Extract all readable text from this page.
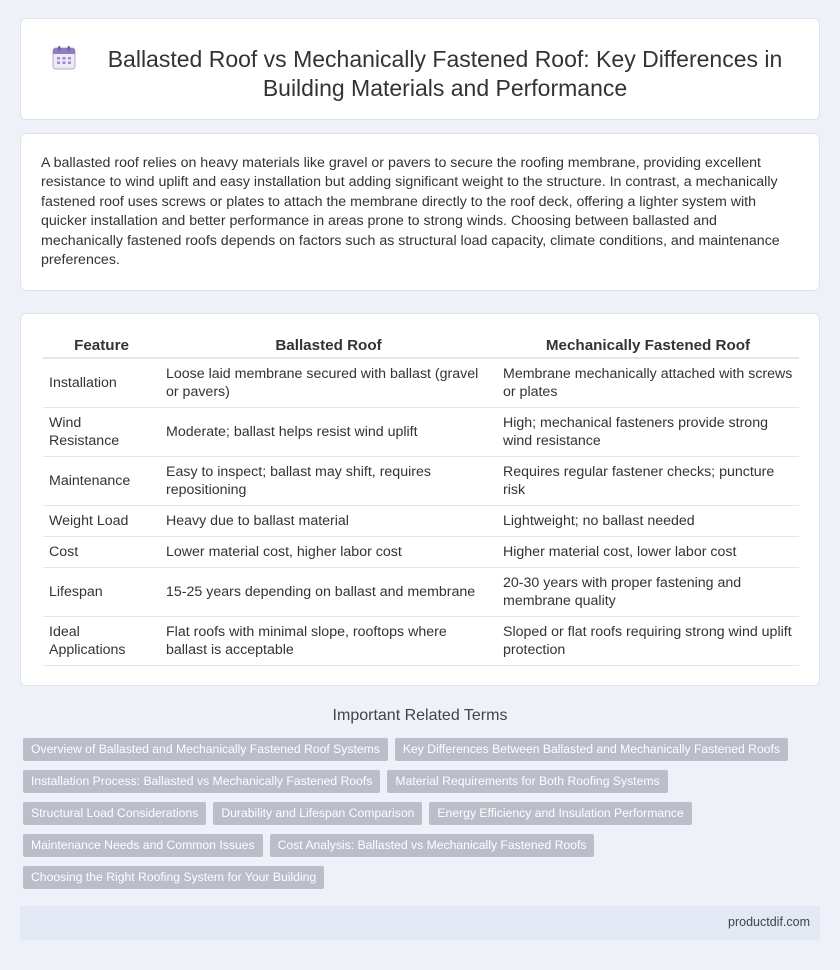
Ballasted Roof vs Mechanically Fastened Roof: Key Differences in Building Materials and Performance

A ballasted roof relies on heavy materials like gravel or pavers to secure the roofing membrane, providing excellent resistance to wind uplift and easy installation but adding significant weight to the structure. In contrast, a mechanically fastened roof uses screws or plates to attach the membrane directly to the roof deck, offering a lighter system with quicker installation and better performance in areas prone to strong winds. Choosing between ballasted and mechanically fastened roofs depends on factors such as structural load capacity, climate conditions, and maintenance preferences.

Feature	Ballasted Roof	Mechanically Fastened Roof
Installation	Loose laid membrane secured with ballast (gravel or pavers)	Membrane mechanically attached with screws or plates
Wind Resistance	Moderate; ballast helps resist wind uplift	High; mechanical fasteners provide strong wind resistance
Maintenance	Easy to inspect; ballast may shift, requires repositioning	Requires regular fastener checks; puncture risk
Weight Load	Heavy due to ballast material	Lightweight; no ballast needed
Cost	Lower material cost, higher labor cost	Higher material cost, lower labor cost
Lifespan	15-25 years depending on ballast and membrane	20-30 years with proper fastening and membrane quality
Ideal Applications	Flat roofs with minimal slope, rooftops where ballast is acceptable	Sloped or flat roofs requiring strong wind uplift protection
Important Related Terms
Overview of Ballasted and Mechanically Fastened Roof Systems	Key Differences Between Ballasted and Mechanically Fastened Roofs
Installation Process: Ballasted vs Mechanically Fastened Roofs	Material Requirements for Both Roofing Systems
Structural Load Considerations	Durability and Lifespan Comparison	Energy Efficiency and Insulation Performance
Maintenance Needs and Common Issues	Cost Analysis: Ballasted vs Mechanically Fastened Roofs
Choosing the Right Roofing System for Your Building
productdif.com
